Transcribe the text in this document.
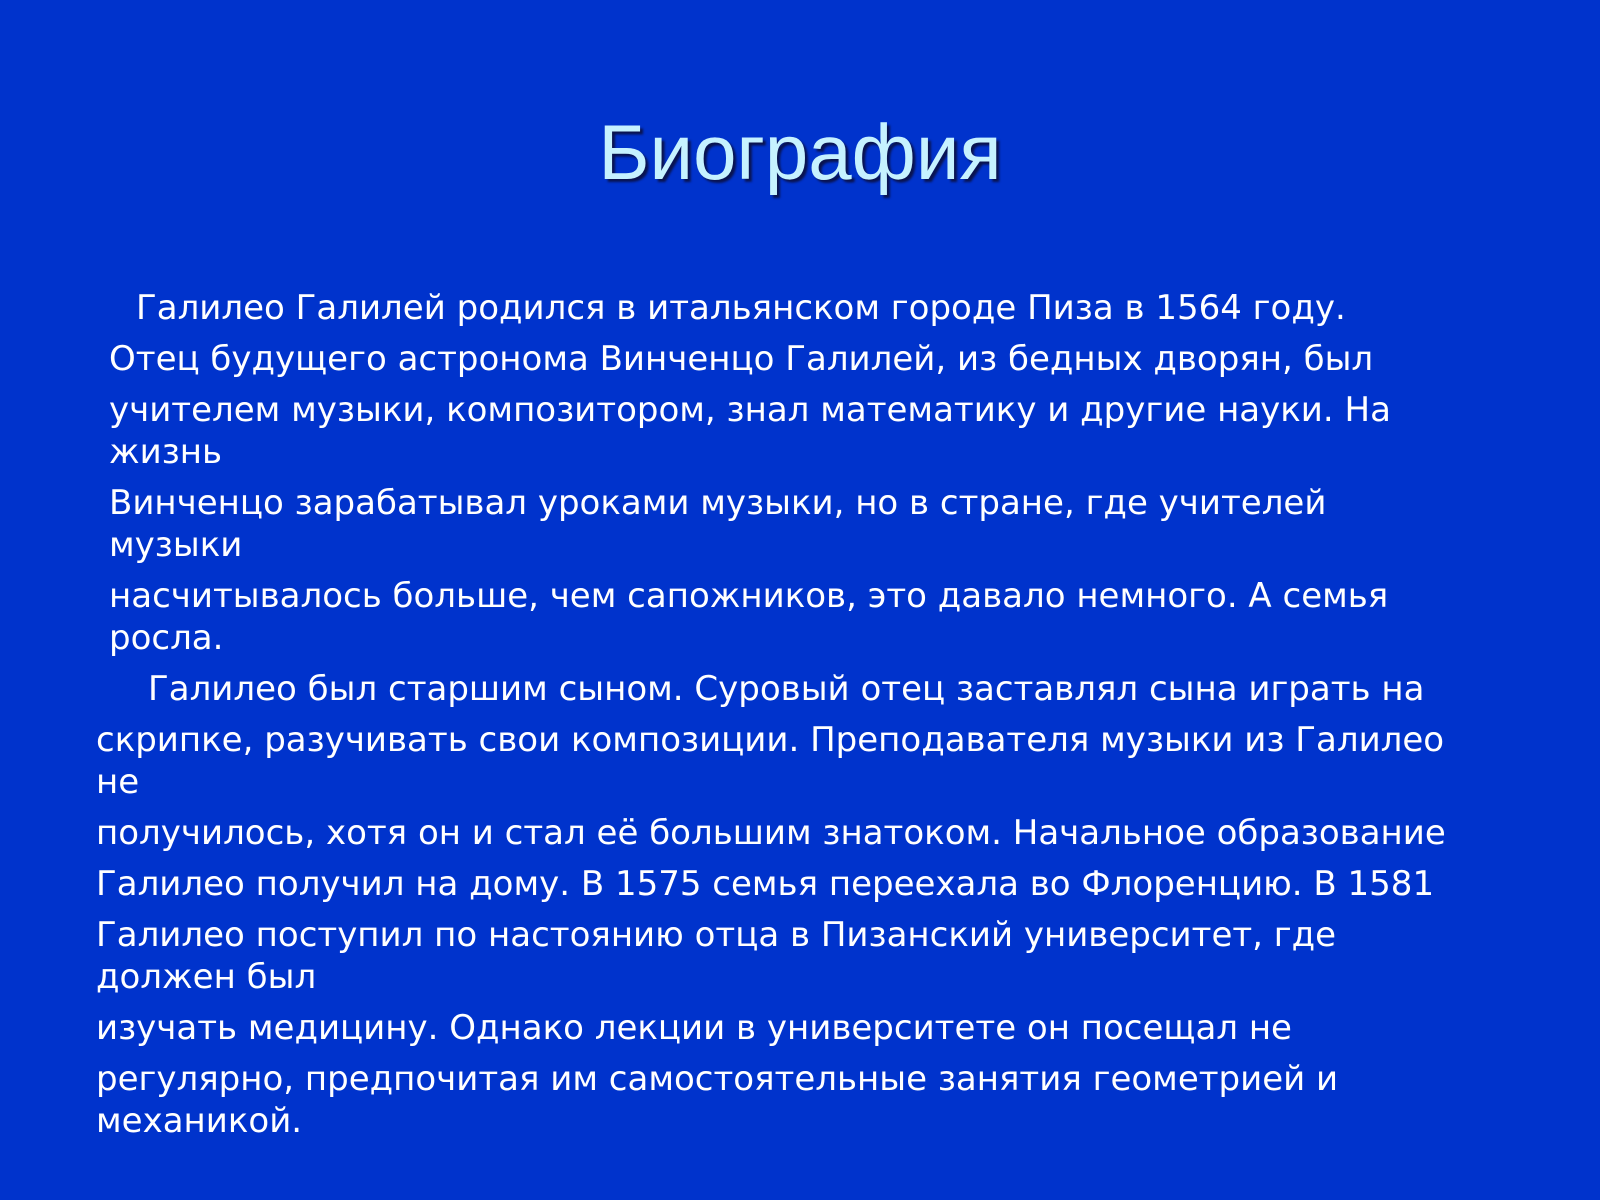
Биография
Галилео Галилей родился в итальянском городе Пиза в 1564 году.
Отец будущего астронома Винченцо Галилей, из бедных дворян, был
учителем музыки, композитором, знал математику и другие науки. На
жизнь
Винченцо зарабатывал уроками музыки, но в стране, где учителей
музыки
насчитывалось больше, чем сапожников, это давало немного. А семья
росла.
Галилео был старшим сыном. Суровый отец заставлял сына играть на
скрипке, разучивать свои композиции. Преподавателя музыки из Галилео
не
получилось, хотя он и стал её большим знатоком. Начальное образование
Галилео получил на дому. В 1575 семья переехала во Флоренцию. В 1581
Галилео поступил по настоянию отца в Пизанский университет, где
должен был
изучать медицину. Однако лекции в университете он посещал не
регулярно, предпочитая им самостоятельные занятия геометрией и
механикой.
